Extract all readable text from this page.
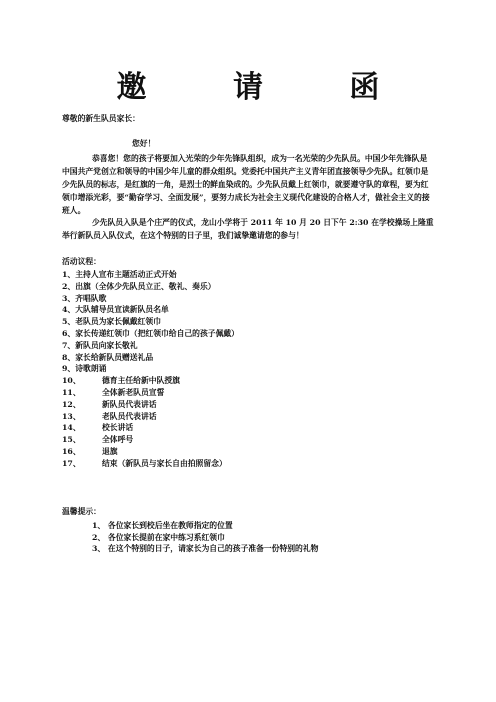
邀 请 函
尊敬的新生队员家长：
您好！
恭喜您！您的孩子将要加入光荣的少年先锋队组织，成为一名光荣的少先队员。中国少年先锋队是中国共产党创立和领导的中国少年儿童的群众组织。党委托中国共产主义青年团直接领导少先队。红领巾是少先队员的标志，是红旗的一角，是烈士的鲜血染成的。少先队员戴上红领巾，就要遵守队的章程，要为红领巾增添光彩，要“勤奋学习、全面发展”，要努力成长为社会主义现代化建设的合格人才，做社会主义的接班人。
少先队员入队是个庄严的仪式，龙山小学将于 2011 年 10 月 20 日下午 2:30 在学校操场上隆重举行新队员入队仪式，在这个特别的日子里，我们诚挚邀请您的参与！
活动议程：
1、主持人宣布主题活动正式开始
2、出旗（全体少先队员立正、敬礼、奏乐）
3、齐唱队歌
4、大队辅导员宣读新队员名单
5、老队员为家长佩戴红领巾
6、家长传递红领巾（把红领巾给自己的孩子佩戴）
7、新队员向家长敬礼
8、家长给新队员赠送礼品
9、诗歌朗诵
10、	德育主任给新中队授旗
11、	全体新老队员宣誓
12、	新队员代表讲话
13、	老队员代表讲话
14、	校长讲话
15、	全体呼号
16、	退旗
17、	结束（新队员与家长自由拍照留念）
温馨提示：
1、 各位家长到校后坐在教师指定的位置
2、 各位家长提前在家中练习系红领巾
3、 在这个特别的日子，请家长为自己的孩子准备一份特别的礼物
